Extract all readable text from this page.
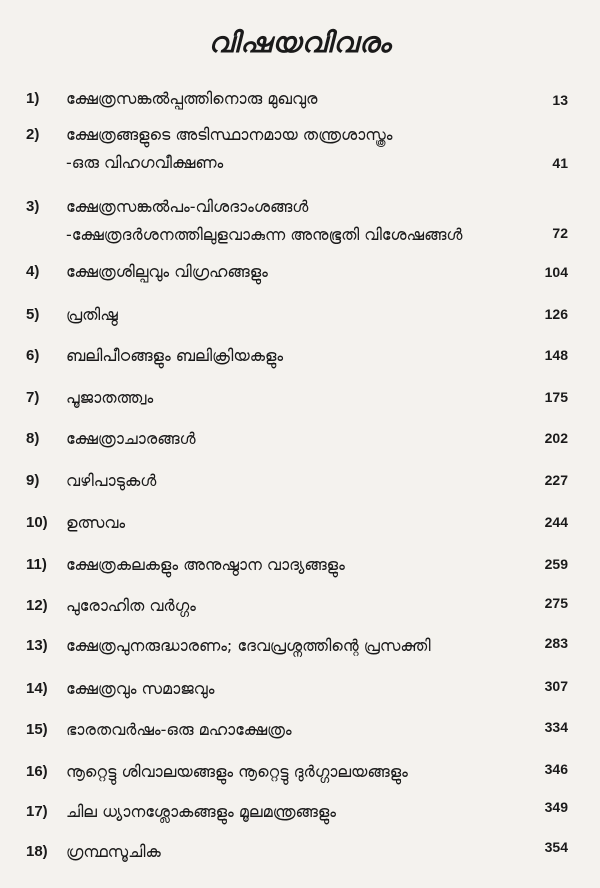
വിഷയവിവരം
1) ക്ഷേത്രസങ്കൽപ്പത്തിനൊരു മുഖവുര	13
2) ക്ഷേത്രങ്ങളുടെ അടിസ്ഥാനമായ തന്ത്രശാസ്ത്രം
-ഒരു വിഹഗവീക്ഷണം	41
3) ക്ഷേത്രസങ്കൽപം-വിശദാംശങ്ങൾ
-ക്ഷേത്രദർശനത്തിലുളവാകുന്ന അനുഭൂതി വിശേഷങ്ങൾ	72
4) ക്ഷേത്രശില്പവും വിഗ്രഹങ്ങളും	104
5) പ്രതിഷ്ഠ	126
6) ബലിപീഠങ്ങളും ബലിക്രിയകളും	148
7) പൂജാതത്ത്വം	175
8) ക്ഷേത്രാചാരങ്ങൾ	202
9) വഴിപാടുകൾ	227
10) ഉത്സവം	244
11) ക്ഷേത്രകലകളും അനുഷ്ഠാന വാദ്യങ്ങളും	259
12) പുരോഹിത വർഗ്ഗം	275
13) ക്ഷേത്രപുനരുദ്ധാരണം; ദേവപ്രശ്നത്തിന്റെ പ്രസക്തി	283
14) ക്ഷേത്രവും സമാജവും	307
15) ഭാരതവർഷം-ഒരു മഹാക്ഷേത്രം	334
16) നൂറ്റെട്ടു ശിവാലയങ്ങളും നൂറ്റെട്ടു ദുർഗ്ഗാലയങ്ങളും	346
17) ചില ധ്യാനശ്ലോകങ്ങളും മൂലമന്ത്രങ്ങളും	349
18) ഗ്രന്ഥസൂചിക	354
